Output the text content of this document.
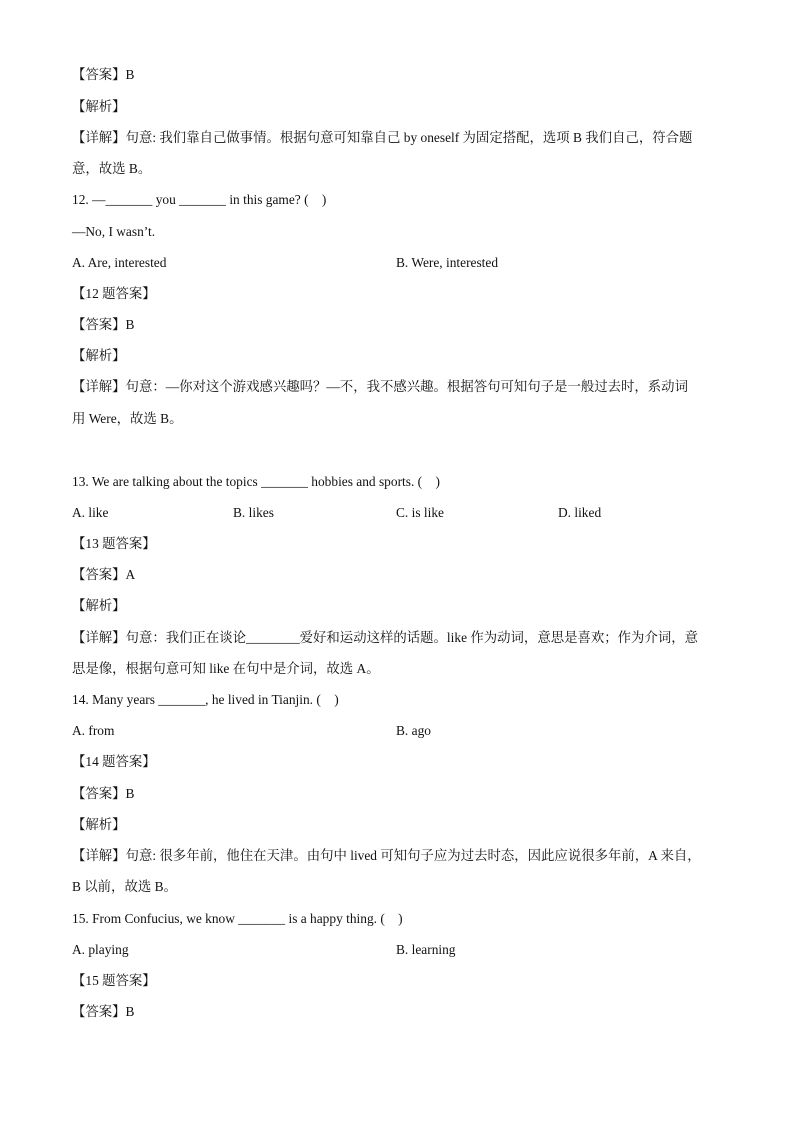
【答案】B
【解析】
【详解】句意: 我们靠自己做事情。根据句意可知靠自己 by oneself 为固定搭配，选项 B 我们自己，符合题
意，故选 B。
12. —_______ you _______ in this game? (　)
—No, I wasn’t.
A. Are, interested	B. Were, interested
【12 题答案】
【答案】B
【解析】
【详解】句意：—你对这个游戏感兴趣吗？—不，我不感兴趣。根据答句可知句子是一般过去时，系动词
用 Were，故选 B。
13. We are talking about the topics _______ hobbies and sports. (　)
A. like	B. likes	C. is like	D. liked
【13 题答案】
【答案】A
【解析】
【详解】句意：我们正在谈论________爱好和运动这样的话题。like 作为动词，意思是喜欢；作为介词，意
思是像，根据句意可知 like 在句中是介词，故选 A。
14. Many years _______, he lived in Tianjin. (　)
A. from	B. ago
【14 题答案】
【答案】B
【解析】
【详解】句意: 很多年前，他住在天津。由句中 lived 可知句子应为过去时态，因此应说很多年前，A 来自，
B 以前，故选 B。
15. From Confucius, we know _______ is a happy thing. (　)
A. playing	B. learning
【15 题答案】
【答案】B
